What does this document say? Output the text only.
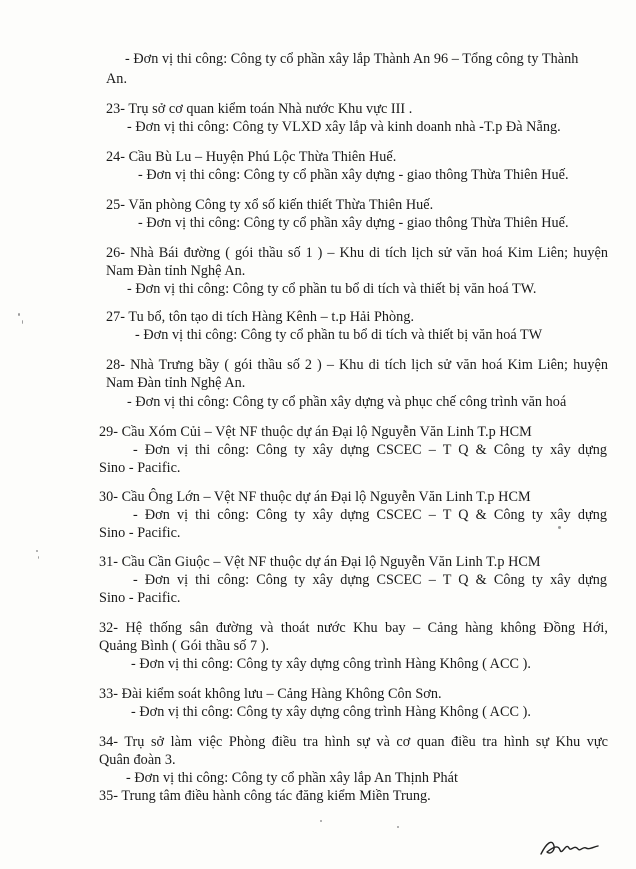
- Đơn vị thi công: Công ty cổ phần xây lắp Thành An 96 – Tổng công ty Thành
An.
23- Trụ sở cơ quan kiểm toán Nhà nước Khu vực III .
- Đơn vị thi công: Công ty VLXD xây lắp và kinh doanh nhà -T.p Đà Nẵng.
24- Cầu Bù Lu – Huyện Phú Lộc Thừa Thiên Huế.
- Đơn vị thi công: Công ty cổ phần xây dựng - giao thông Thừa Thiên Huế.
25- Văn phòng Công ty xổ số kiến thiết Thừa Thiên Huế.
- Đơn vị thi công: Công ty cổ phần xây dựng - giao thông Thừa Thiên Huế.
26- Nhà Bái đường ( gói thầu số 1 ) – Khu di tích lịch sử văn hoá Kim Liên; huyện
Nam Đàn tỉnh Nghệ An.
- Đơn vị thi công: Công ty cổ phần tu bổ di tích và thiết bị văn hoá TW.
27- Tu bổ, tôn tạo di tích Hàng Kênh – t.p Hải Phòng.
- Đơn vị thi công: Công ty cổ phần tu bổ di tích và thiết bị văn hoá TW
28- Nhà Trưng bầy ( gói thầu số 2 ) – Khu di tích lịch sử văn hoá Kim Liên; huyện
Nam Đàn tỉnh Nghệ An.
- Đơn vị thi công: Công ty cổ phần xây dựng và phục chế công trình văn hoá
29- Cầu Xóm Củi – Vệt NF thuộc dự án Đại lộ Nguyễn Văn Linh T.p HCM
- Đơn vị thi công: Công ty xây dựng CSCEC – T Q & Công ty xây dựng
Sino - Pacific.
30- Cầu Ông Lớn – Vệt NF thuộc dự án Đại lộ Nguyễn Văn Linh T.p HCM
- Đơn vị thi công: Công ty xây dựng CSCEC – T Q & Công ty xây dựng
Sino - Pacific.
31- Cầu Cần Giuộc – Vệt NF thuộc dự án Đại lộ Nguyễn Văn Linh T.p HCM
- Đơn vị thi công: Công ty xây dựng CSCEC – T Q & Công ty xây dựng
Sino - Pacific.
32- Hệ thống sân đường và thoát nước Khu bay – Cảng hàng không Đồng Hới,
Quảng Bình ( Gói thầu số 7 ).
- Đơn vị thi công: Công ty xây dựng công trình Hàng Không ( ACC ).
33- Đài kiểm soát không lưu – Cảng Hàng Không Côn Sơn.
- Đơn vị thi công: Công ty xây dựng công trình Hàng Không ( ACC ).
34- Trụ sở làm việc Phòng điều tra hình sự và cơ quan điều tra hình sự Khu vực
Quân đoàn 3.
- Đơn vị thi công: Công ty cổ phần xây lắp An Thịnh Phát
35- Trung tâm điều hành công tác đăng kiểm Miền Trung.
